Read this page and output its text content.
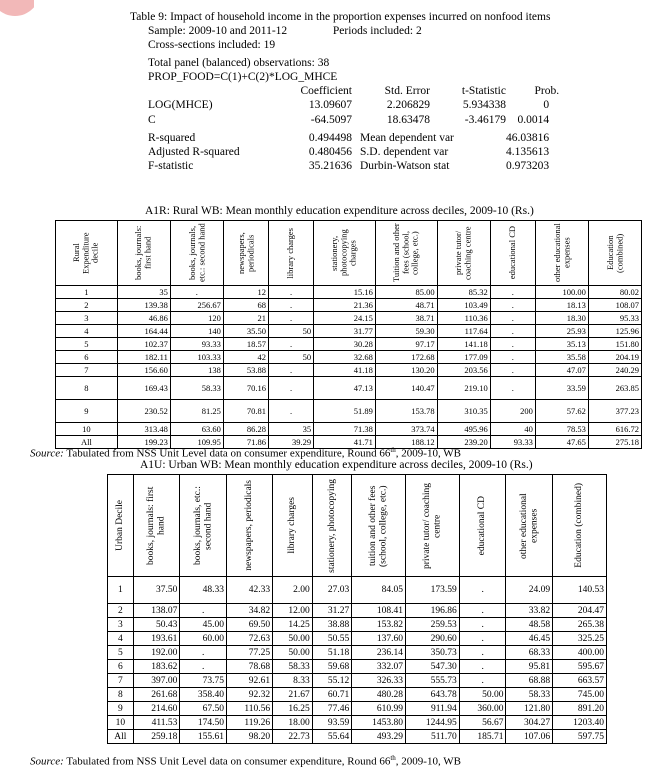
Table 9: Impact of household income in the proportion expenses incurred on nonfood items
Sample: 2009-10 and 2011-12	Periods included: 2
Cross-sections included: 19
Total panel (balanced) observations: 38
PROP_FOOD=C(1)+C(2)*LOG_MHCE
	Coefficient	Std. Error	t-Statistic	Prob.
LOG(MHCE)	13.09607	2.206829	5.934338	0
C	-64.5097	18.63478	-3.46179	0.0014

R-squared	0.494498	Mean dependent var		46.03816
Adjusted R-squared	0.480456	S.D. dependent var		4.135613
F-statistic	35.21636	Durbin-Watson stat		0.973203
A1R: Rural WB: Mean monthly education expenditure across deciles, 2009-10 (Rs.)
Rural Expenditure decile	books, journals: first hand	books, journals, etc.: second hand	newspapers, periodicals	library charges	stationery, photocopying charges	Tuition and other fees (school, college, etc.)	private tutor/ coaching centre	educational CD	other educational expenses	Education (combined)

1	35	.	12	.	15.16	85.00	85.32	.	100.00	80.02
2	139.38	256.67	68	.	21.36	48.71	103.49	.	18.13	108.07
3	46.86	120	21	.	24.15	38.71	110.36	.	18.30	95.33
4	164.44	140	35.50	50	31.77	59.30	117.64	.	25.93	125.96
5	102.37	93.33	18.57	.	30.28	97.17	141.18	.	35.13	151.80
6	182.11	103.33	42	50	32.68	172.68	177.09	.	35.58	204.19
7	156.60	138	53.88	.	41.18	130.20	203.56	.	47.07	240.29
8	169.43	58.33	70.16	.	47.13	140.47	219.10	.	33.59	263.85
9	230.52	81.25	70.81	.	51.89	153.78	310.35	200	57.62	377.23
10	313.48	63.60	86.28	35	71.38	373.74	495.96	40	78.53	616.72
All	199.23	109.95	71.86	39.29	41.71	188.12	239.20	93.33	47.65	275.18
Source: Tabulated from NSS Unit Level data on consumer expenditure, Round 66th, 2009-10, WB
A1U: Urban WB: Mean monthly education expenditure across deciles, 2009-10 (Rs.)
Urban Decile	books, journals: first hand	books, journals, etc.: second hand	newspapers, periodicals	library charges	stationery, photocopying	tuition and other fees (school, college, etc.)	private tutor/ coaching centre	educational CD	other educational expenses	Education (combined)

1	37.50	48.33	42.33	2.00	27.03	84.05	173.59	.	24.09	140.53
2	138.07	.	34.82	12.00	31.27	108.41	196.86	.	33.82	204.47
3	50.43	45.00	69.50	14.25	38.88	153.82	259.53	.	48.58	265.38
4	193.61	60.00	72.63	50.00	50.55	137.60	290.60	.	46.45	325.25
5	192.00	.	77.25	50.00	51.18	236.14	350.73	.	68.33	400.00
6	183.62	.	78.68	58.33	59.68	332.07	547.30	.	95.81	595.67
7	397.00	73.75	92.61	8.33	55.12	326.33	555.73	.	68.88	663.57
8	261.68	358.40	92.32	21.67	60.71	480.28	643.78	50.00	58.33	745.00
9	214.60	67.50	110.56	16.25	77.46	610.99	911.94	360.00	121.80	891.20
10	411.53	174.50	119.26	18.00	93.59	1453.80	1244.95	56.67	304.27	1203.40
All	259.18	155.61	98.20	22.73	55.64	493.29	511.70	185.71	107.06	597.75
Source: Tabulated from NSS Unit Level data on consumer expenditure, Round 66th, 2009-10, WB
